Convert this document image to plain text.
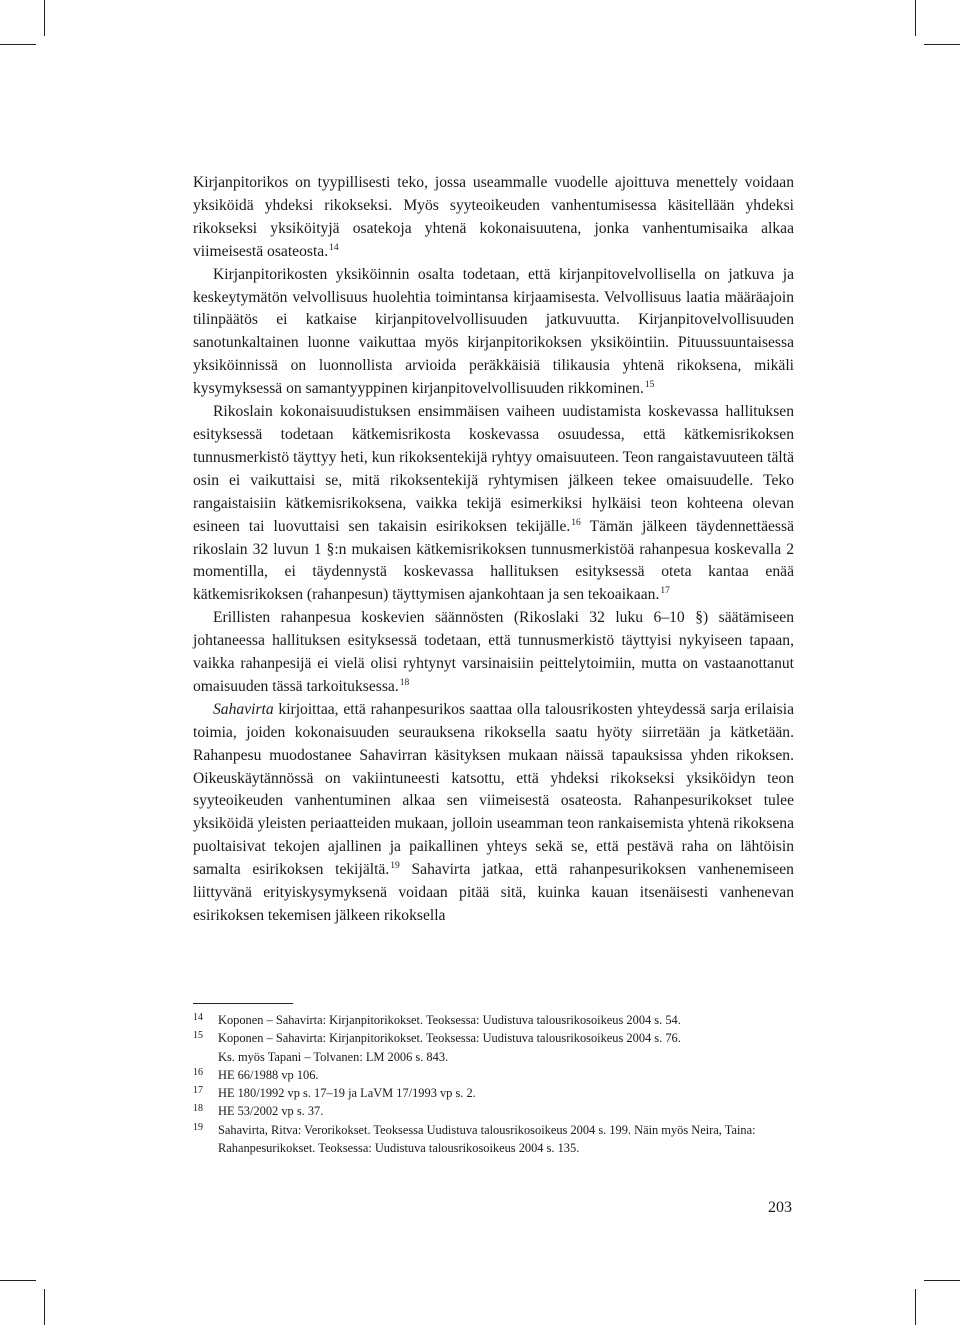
Kirjanpitorikos on tyypillisesti teko, jossa useammalle vuodelle ajoittuva menettely voidaan yksiköidä yhdeksi rikokseksi. Myös syyteoikeuden vanhentumisessa käsitellään yhdeksi rikokseksi yksiköityjä osatekoja yhtenä kokonaisuutena, jonka vanhentumisaika alkaa viimeisestä osateosta.$^{14}$

Kirjanpitorikosten yksiköinnin osalta todetaan, että kirjanpitovelvollisella on jatkuva ja keskeytymätön velvollisuus huolehtia toimintansa kirjaamisesta. Velvollisuus laatia määräajoin tilinpäätös ei katkaise kirjanpitovelvollisuuden jatkuvuutta. Kirjanpitovelvollisuuden sanotunkaltainen luonne vaikuttaa myös kirjanpitorikoksen yksiköintiin. Pituussuuntaisessa yksiköinnissä on luonnollista arvioida peräkkäisiä tilikausia yhtenä rikoksena, mikäli kysymyksessä on samantyyppinen kirjanpitovelvollisuuden rikkominen.$^{15}$

Rikoslain kokonaisuudistuksen ensimmäisen vaiheen uudistamista koskevassa hallituksen esityksessä todetaan kätkemisrikosta koskevassa osuudessa, että kätkemisrikoksen tunnusmerkistö täyttyy heti, kun rikoksentekijä ryhtyy omaisuuteen. Teon rangaistavuuteen tältä osin ei vaikuttaisi se, mitä rikoksentekijä ryhtymisen jälkeen tekee omaisuudelle. Teko rangaistaisiin kätkemisrikoksena, vaikka tekijä esimerkiksi hylkäisi teon kohteena olevan esineen tai luovuttaisi sen takaisin esirikoksen tekijälle.$^{16}$ Tämän jälkeen täydennettäessä rikoslain 32 luvun 1 §:n mukaisen kätkemisrikoksen tunnusmerkistöä rahanpesua koskevalla 2 momentilla, ei täydennystä koskevassa hallituksen esityksessä oteta kantaa enää kätkemisrikoksen (rahanpesun) täyttymisen ajankohtaan ja sen tekoaikaan.$^{17}$

Erillisten rahanpesua koskevien säännösten (Rikoslaki 32 luku 6–10 §) säätämiseen johtaneessa hallituksen esityksessä todetaan, että tunnusmerkistö täyttyisi nykyiseen tapaan, vaikka rahanpesijä ei vielä olisi ryhtynyt varsinaisiin peittelytoimiin, mutta on vastaanottanut omaisuuden tässä tarkoituksessa.$^{18}$

Sahavirta kirjoittaa, että rahanpesurikos saattaa olla talousrikosten yhteydessä sarja erilaisia toimia, joiden kokonaisuuden seurauksena rikoksella saatu hyöty siirretään ja kätketään. Rahanpesu muodostanee Sahavirran käsityksen mukaan näissä tapauksissa yhden rikoksen. Oikeuskäytännössä on vakiintuneesti katsottu, että yhdeksi rikokseksi yksiköidyn teon syyteoikeuden vanhentuminen alkaa sen viimeisestä osateosta. Rahanpesurikokset tulee yksiköidä yleisten periaatteiden mukaan, jolloin useamman teon rankaisemista yhtenä rikoksena puoltaisivat tekojen ajallinen ja paikallinen yhteys sekä se, että pestävä raha on lähtöisin samalta esirikoksen tekijältä.$^{19}$ Sahavirta jatkaa, että rahanpesurikoksen vanhenemiseen liittyvänä erityiskysymyksenä voidaan pitää sitä, kuinka kauan itsenäisesti vanhenevan esirikoksen tekemisen jälkeen rikoksella

14	Koponen – Sahavirta: Kirjanpitorikokset. Teoksessa: Uudistuva talousrikosoikeus 2004 s. 54.
15	Koponen – Sahavirta: Kirjanpitorikokset. Teoksessa: Uudistuva talousrikosoikeus 2004 s. 76.
Ks. myös Tapani – Tolvanen: LM 2006 s. 843.
16	HE 66/1988 vp 106.
17	HE 180/1992 vp s. 17–19 ja LaVM 17/1993 vp s. 2.
18	HE 53/2002 vp s. 37.
19	Sahavirta, Ritva: Verorikokset. Teoksessa Uudistuva talousrikosoikeus 2004 s. 199. Näin myös Neira, Taina: Rahanpesurikokset. Teoksessa: Uudistuva talousrikosoikeus 2004 s. 135.
203
